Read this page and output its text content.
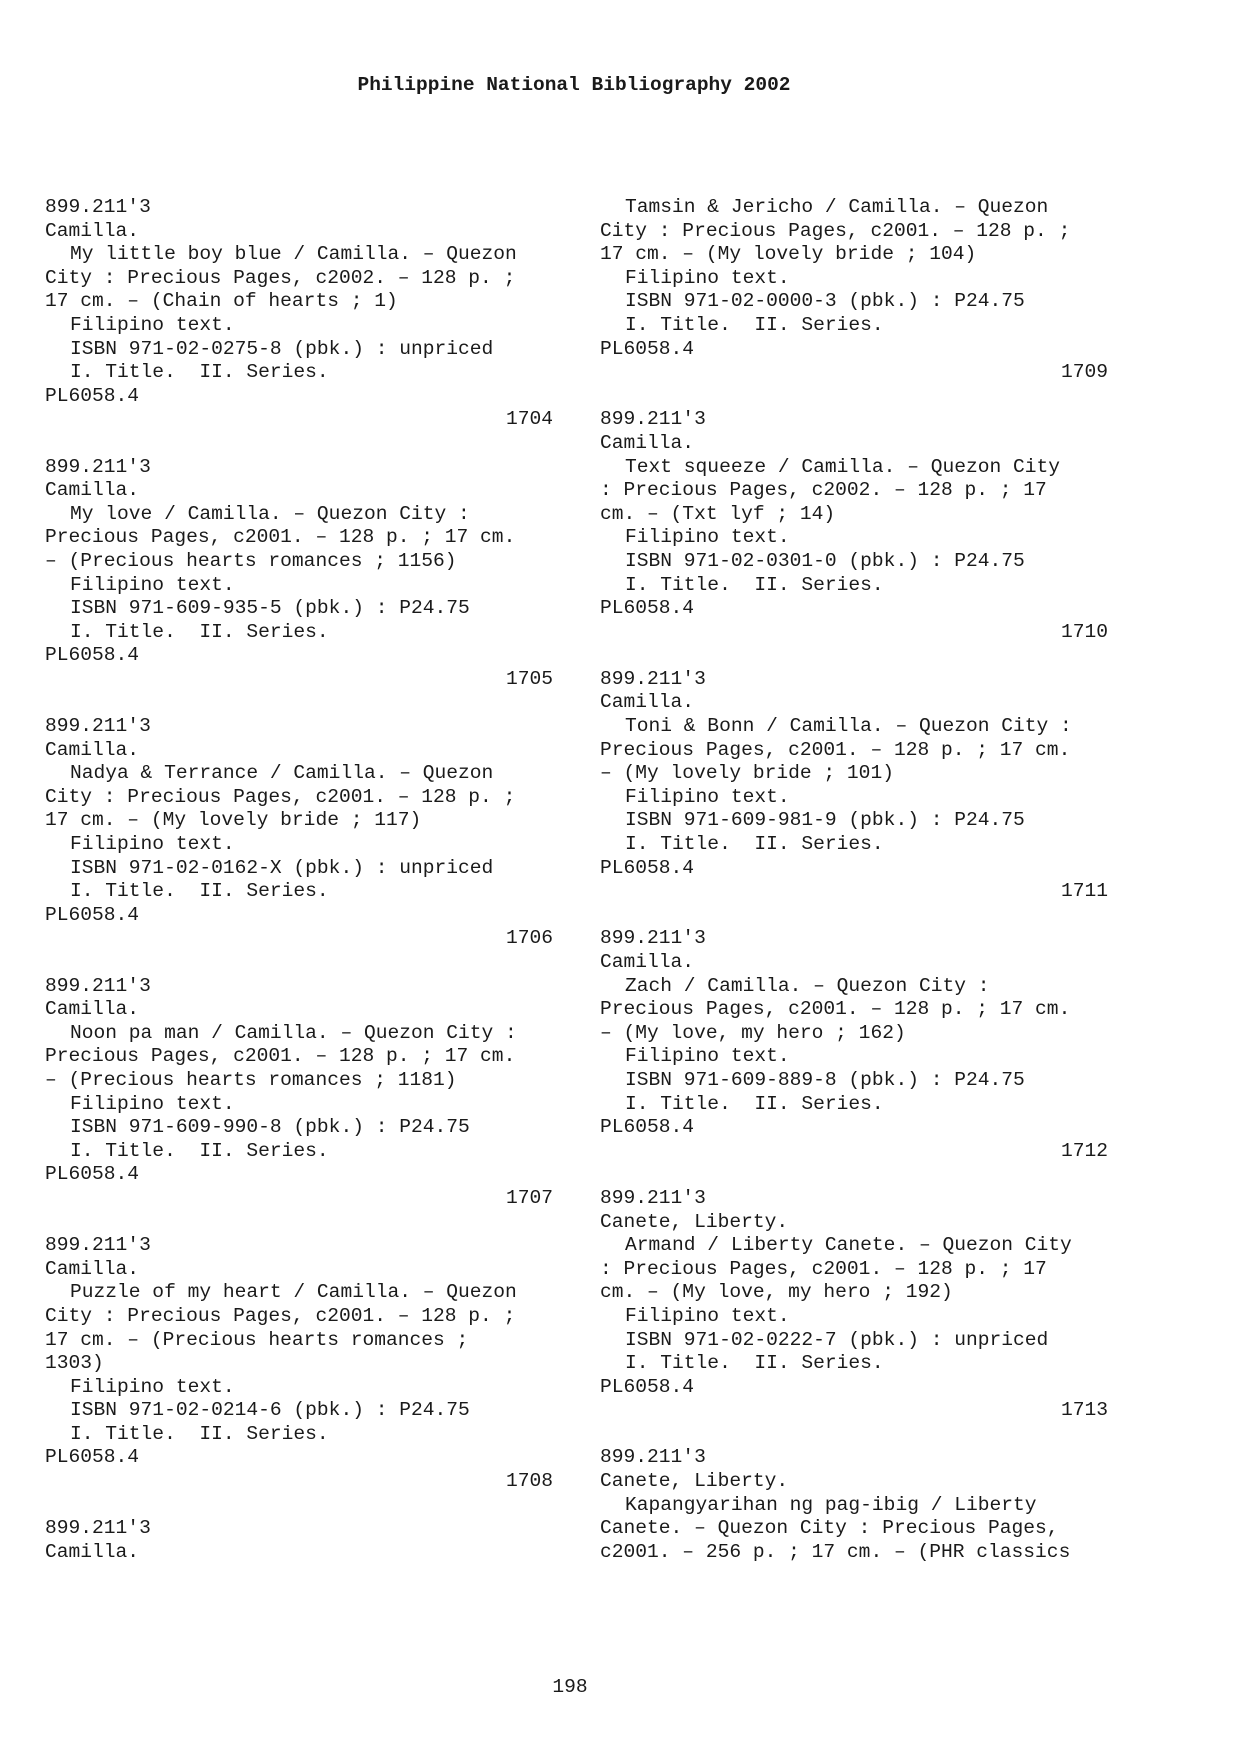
Philippine National Bibliography 2002
899.211'3
Camilla.
My little boy blue / Camilla. – Quezon
City : Precious Pages, c2002. – 128 p. ;
17 cm. – (Chain of hearts ; 1)
Filipino text.
ISBN 971-02-0275-8 (pbk.) : unpriced
I. Title.  II. Series.
PL6058.4
1704
899.211'3
Camilla.
My love / Camilla. – Quezon City :
Precious Pages, c2001. – 128 p. ; 17 cm.
– (Precious hearts romances ; 1156)
Filipino text.
ISBN 971-609-935-5 (pbk.) : P24.75
I. Title.  II. Series.
PL6058.4
1705
899.211'3
Camilla.
Nadya & Terrance / Camilla. – Quezon
City : Precious Pages, c2001. – 128 p. ;
17 cm. – (My lovely bride ; 117)
Filipino text.
ISBN 971-02-0162-X (pbk.) : unpriced
I. Title.  II. Series.
PL6058.4
1706
899.211'3
Camilla.
Noon pa man / Camilla. – Quezon City :
Precious Pages, c2001. – 128 p. ; 17 cm.
– (Precious hearts romances ; 1181)
Filipino text.
ISBN 971-609-990-8 (pbk.) : P24.75
I. Title.  II. Series.
PL6058.4
1707
899.211'3
Camilla.
Puzzle of my heart / Camilla. – Quezon
City : Precious Pages, c2001. – 128 p. ;
17 cm. – (Precious hearts romances ;
1303)
Filipino text.
ISBN 971-02-0214-6 (pbk.) : P24.75
I. Title.  II. Series.
PL6058.4
1708
899.211'3
Camilla.
Tamsin & Jericho / Camilla. – Quezon
City : Precious Pages, c2001. – 128 p. ;
17 cm. – (My lovely bride ; 104)
Filipino text.
ISBN 971-02-0000-3 (pbk.) : P24.75
I. Title.  II. Series.
PL6058.4
1709
899.211'3
Camilla.
Text squeeze / Camilla. – Quezon City
: Precious Pages, c2002. – 128 p. ; 17
cm. – (Txt lyf ; 14)
Filipino text.
ISBN 971-02-0301-0 (pbk.) : P24.75
I. Title.  II. Series.
PL6058.4
1710
899.211'3
Camilla.
Toni & Bonn / Camilla. – Quezon City :
Precious Pages, c2001. – 128 p. ; 17 cm.
– (My lovely bride ; 101)
Filipino text.
ISBN 971-609-981-9 (pbk.) : P24.75
I. Title.  II. Series.
PL6058.4
1711
899.211'3
Camilla.
Zach / Camilla. – Quezon City :
Precious Pages, c2001. – 128 p. ; 17 cm.
– (My love, my hero ; 162)
Filipino text.
ISBN 971-609-889-8 (pbk.) : P24.75
I. Title.  II. Series.
PL6058.4
1712
899.211'3
Canete, Liberty.
Armand / Liberty Canete. – Quezon City
: Precious Pages, c2001. – 128 p. ; 17
cm. – (My love, my hero ; 192)
Filipino text.
ISBN 971-02-0222-7 (pbk.) : unpriced
I. Title.  II. Series.
PL6058.4
1713
899.211'3
Canete, Liberty.
Kapangyarihan ng pag-ibig / Liberty
Canete. – Quezon City : Precious Pages,
c2001. – 256 p. ; 17 cm. – (PHR classics
198
